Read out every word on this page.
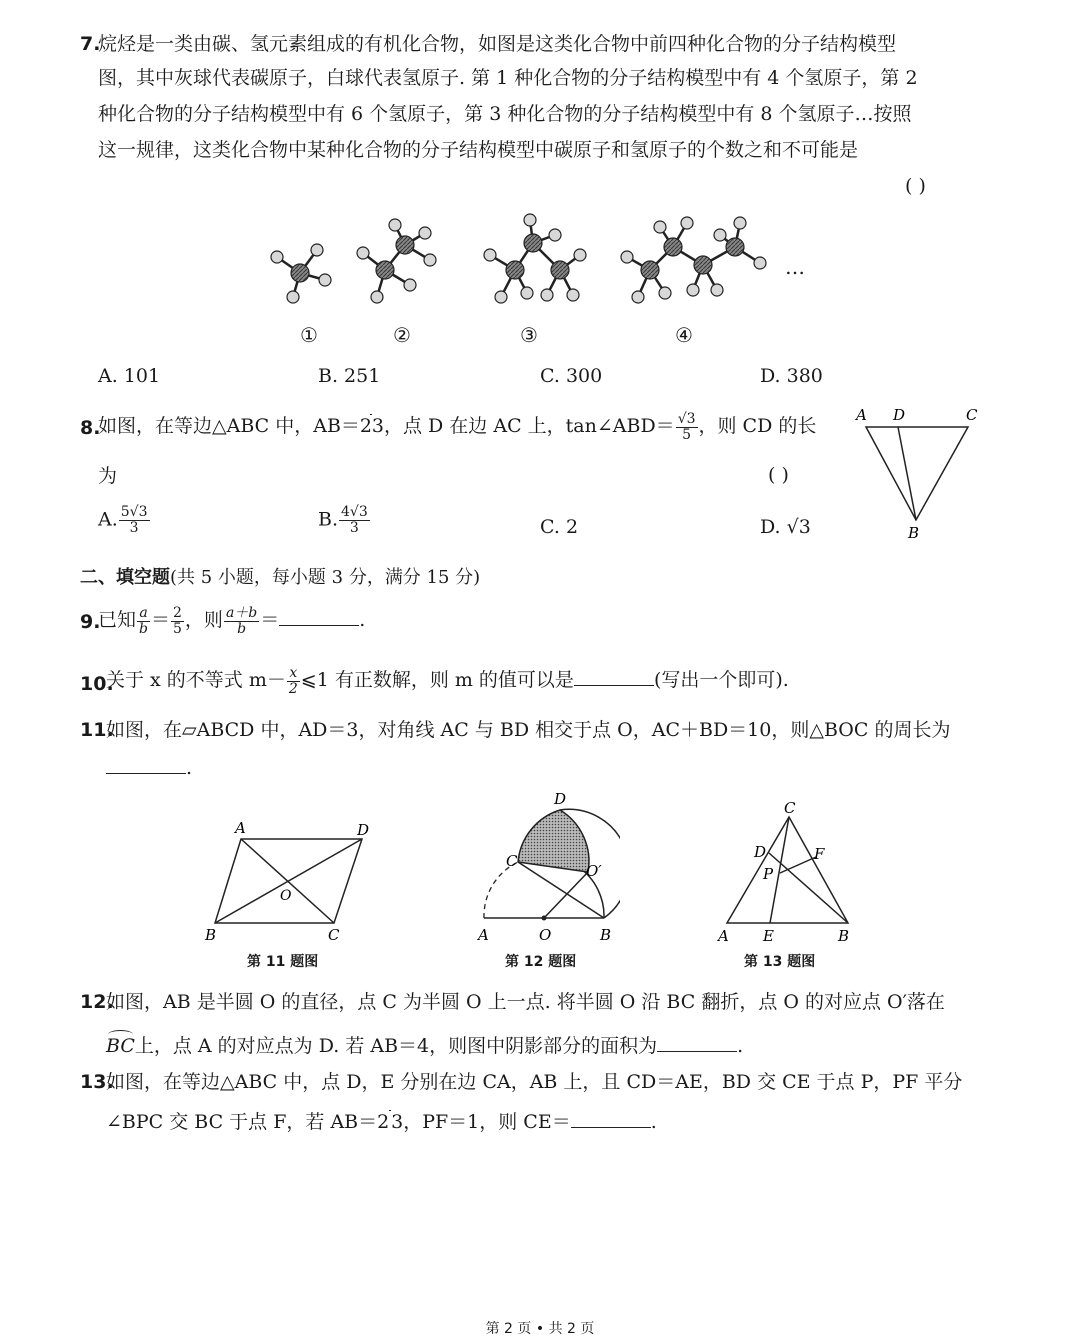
7.
烷烃是一类由碳、氢元素组成的有机化合物，如图是这类化合物中前四种化合物的分子结构模型
图，其中灰球代表碳原子，白球代表氢原子. 第 1 种化合物的分子结构模型中有 4 个氢原子，第 2
种化合物的分子结构模型中有 6 个氢原子，第 3 种化合物的分子结构模型中有 8 个氢原子…按照
这一规律，这类化合物中某种化合物的分子结构模型中碳原子和氢原子的个数之和不可能是
( )
…
①	②	③	④
A. 101	B. 251	C. 300	D. 380
8.
如图，在等边△ABC 中，AB＝2 3，点 D 在边 AC 上，tan∠ABD＝ $\frac{√3}{5}$ ，则 CD 的长
为	( )
A. $\frac{5√3}{3}$	B. $\frac{4√3}{3}$	C. 2	D. √3
A D	C
B
二、填空题(共 5 小题，每小题 3 分，满分 15 分)
9.
已知 $\frac{a}{b} = \frac{2}{5}$ ，则 $\frac{a+b}{b}$ ＝	.
10.
关于 x 的不等式 $m- \frac{x}{2}$ ⩽1 有正数解，则 m 的值可以是	(写出一个即可).
11.
如图，在▱ABCD 中，AD＝3，对角线 AC 与 BD 相交于点 O，AC＋BD＝10，则△BOC 的周长为
.
A	D
B	C
O
第 11 题图
D
C
O′
A	O	B
第 12 题图
C
D	F
P
A E	B
第 13 题图
12.
如图，AB 是半圆 O 的直径，点 C 为半圆 O 上一点. 将半圆 O 沿 BC 翻折，点 O 的对应点 O′落在
BC上，点 A 的对应点为 D. 若 AB＝4，则图中阴影部分的面积为	.
13.
如图，在等边△ABC 中，点 D，E 分别在边 CA，AB 上，且 CD＝AE，BD 交 CE 于点 P，PF 平分
∠BPC 交 BC 于点 F，若 AB＝2  3，PF＝1，则 CE＝	.
第 2 页 • 共 2 页
